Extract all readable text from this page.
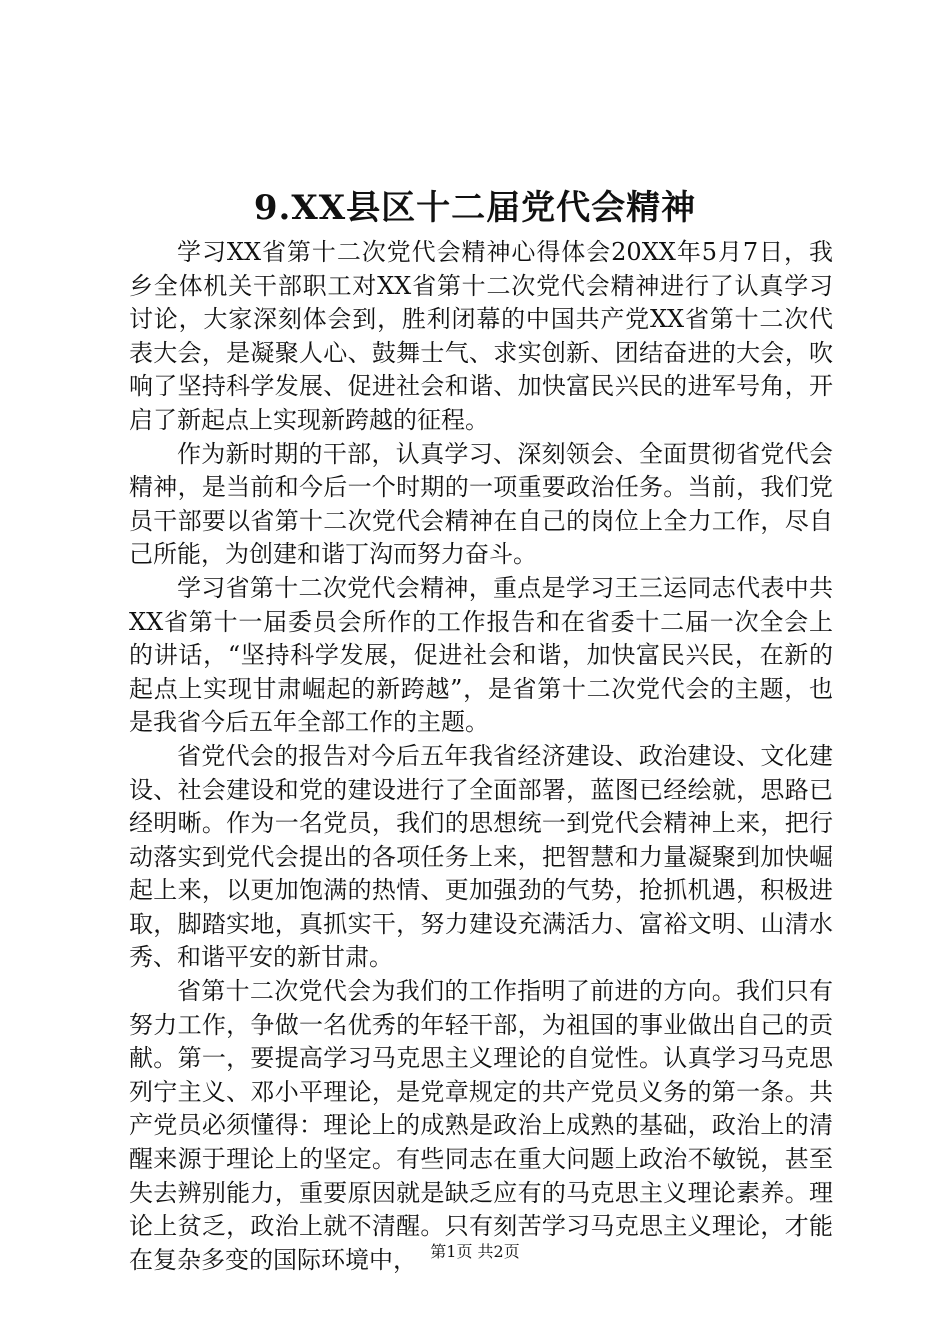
9.XX县区十二届党代会精神

学习XX省第十二次党代会精神心得体会20XX年5月7日，我乡全体机关干部职工对XX省第十二次党代会精神进行了认真学习讨论，大家深刻体会到，胜利闭幕的中国共产党XX省第十二次代表大会，是凝聚人心、鼓舞士气、求实创新、团结奋进的大会，吹响了坚持科学发展、促进社会和谐、加快富民兴民的进军号角，开启了新起点上实现新跨越的征程。

作为新时期的干部，认真学习、深刻领会、全面贯彻省党代会精神，是当前和今后一个时期的一项重要政治任务。当前，我们党员干部要以省第十二次党代会精神在自己的岗位上全力工作，尽自己所能，为创建和谐丁沟而努力奋斗。

学习省第十二次党代会精神，重点是学习王三运同志代表中共XX省第十一届委员会所作的工作报告和在省委十二届一次全会上的讲话，“坚持科学发展，促进社会和谐，加快富民兴民，在新的起点上实现甘肃崛起的新跨越”，是省第十二次党代会的主题，也是我省今后五年全部工作的主题。

省党代会的报告对今后五年我省经济建设、政治建设、文化建设、社会建设和党的建设进行了全面部署，蓝图已经绘就，思路已经明晰。作为一名党员，我们的思想统一到党代会精神上来，把行动落实到党代会提出的各项任务上来，把智慧和力量凝聚到加快崛起上来，以更加饱满的热情、更加强劲的气势，抢抓机遇，积极进取，脚踏实地，真抓实干，努力建设充满活力、富裕文明、山清水秀、和谐平安的新甘肃。

省第十二次党代会为我们的工作指明了前进的方向。我们只有努力工作，争做一名优秀的年轻干部，为祖国的事业做出自己的贡献。第一，要提高学习马克思主义理论的自觉性。认真学习马克思列宁主义、邓小平理论，是党章规定的共产党员义务的第一条。共产党员必须懂得：理论上的成熟是政治上成熟的基础，政治上的清醒来源于理论上的坚定。有些同志在重大问题上政治不敏锐，甚至失去辨别能力，重要原因就是缺乏应有的马克思主义理论素养。理论上贫乏，政治上就不清醒。只有刻苦学习马克思主义理论，才能在复杂多变的国际环境中， 第1页 共2页
